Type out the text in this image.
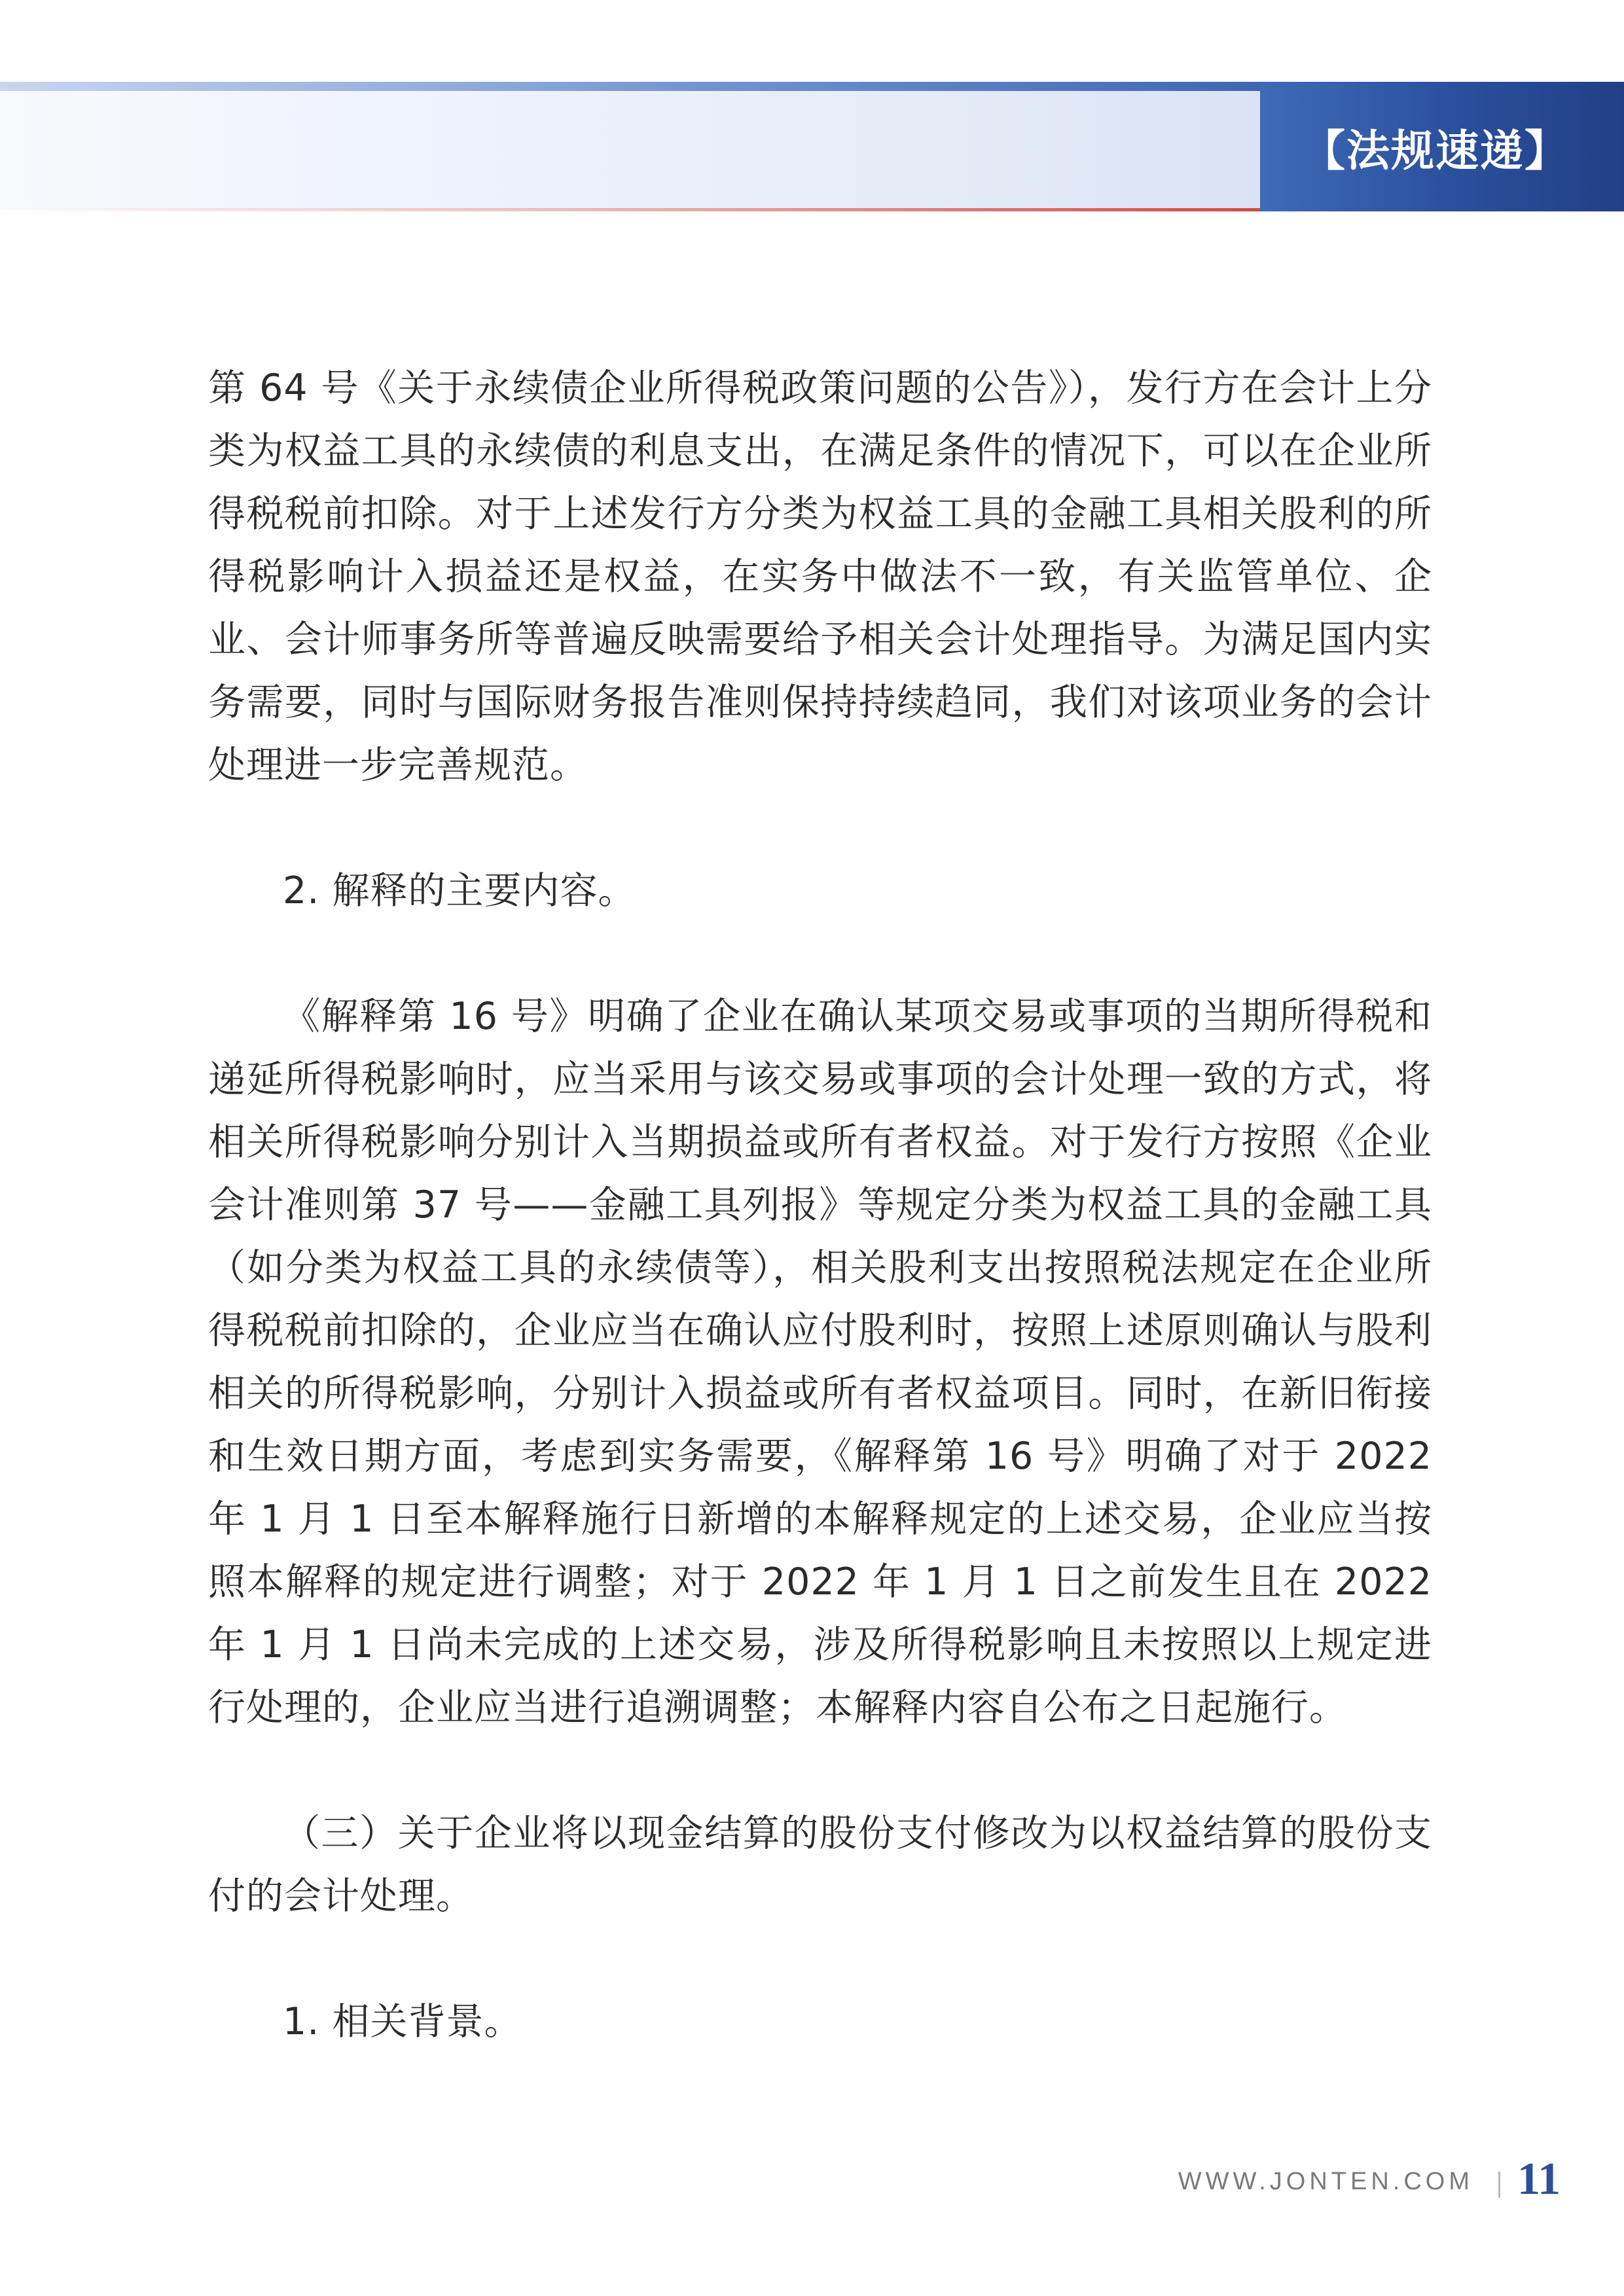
【法规速递】

第 64 号《关于永续债企业所得税政策问题的公告》），发行方在会计上分类为权益工具的永续债的利息支出，在满足条件的情况下，可以在企业所得税税前扣除。对于上述发行方分类为权益工具的金融工具相关股利的所得税影响计入损益还是权益，在实务中做法不一致，有关监管单位、企业、会计师事务所等普遍反映需要给予相关会计处理指导。为满足国内实务需要，同时与国际财务报告准则保持持续趋同，我们对该项业务的会计处理进一步完善规范。

2. 解释的主要内容。

《解释第 16 号》明确了企业在确认某项交易或事项的当期所得税和递延所得税影响时，应当采用与该交易或事项的会计处理一致的方式，将相关所得税影响分别计入当期损益或所有者权益。对于发行方按照《企业会计准则第 37 号——金融工具列报》等规定分类为权益工具的金融工具（如分类为权益工具的永续债等），相关股利支出按照税法规定在企业所得税税前扣除的，企业应当在确认应付股利时，按照上述原则确认与股利相关的所得税影响，分别计入损益或所有者权益项目。同时，在新旧衔接和生效日期方面，考虑到实务需要，《解释第 16 号》明确了对于 2022 年 1 月 1 日至本解释施行日新增的本解释规定的上述交易，企业应当按照本解释的规定进行调整；对于 2022 年 1 月 1 日之前发生且在 2022 年 1 月 1 日尚未完成的上述交易，涉及所得税影响且未按照以上规定进行处理的，企业应当进行追溯调整；本解释内容自公布之日起施行。

（三）关于企业将以现金结算的股份支付修改为以权益结算的股份支付的会计处理。

1. 相关背景。

WWW.JONTEN.COM 11
